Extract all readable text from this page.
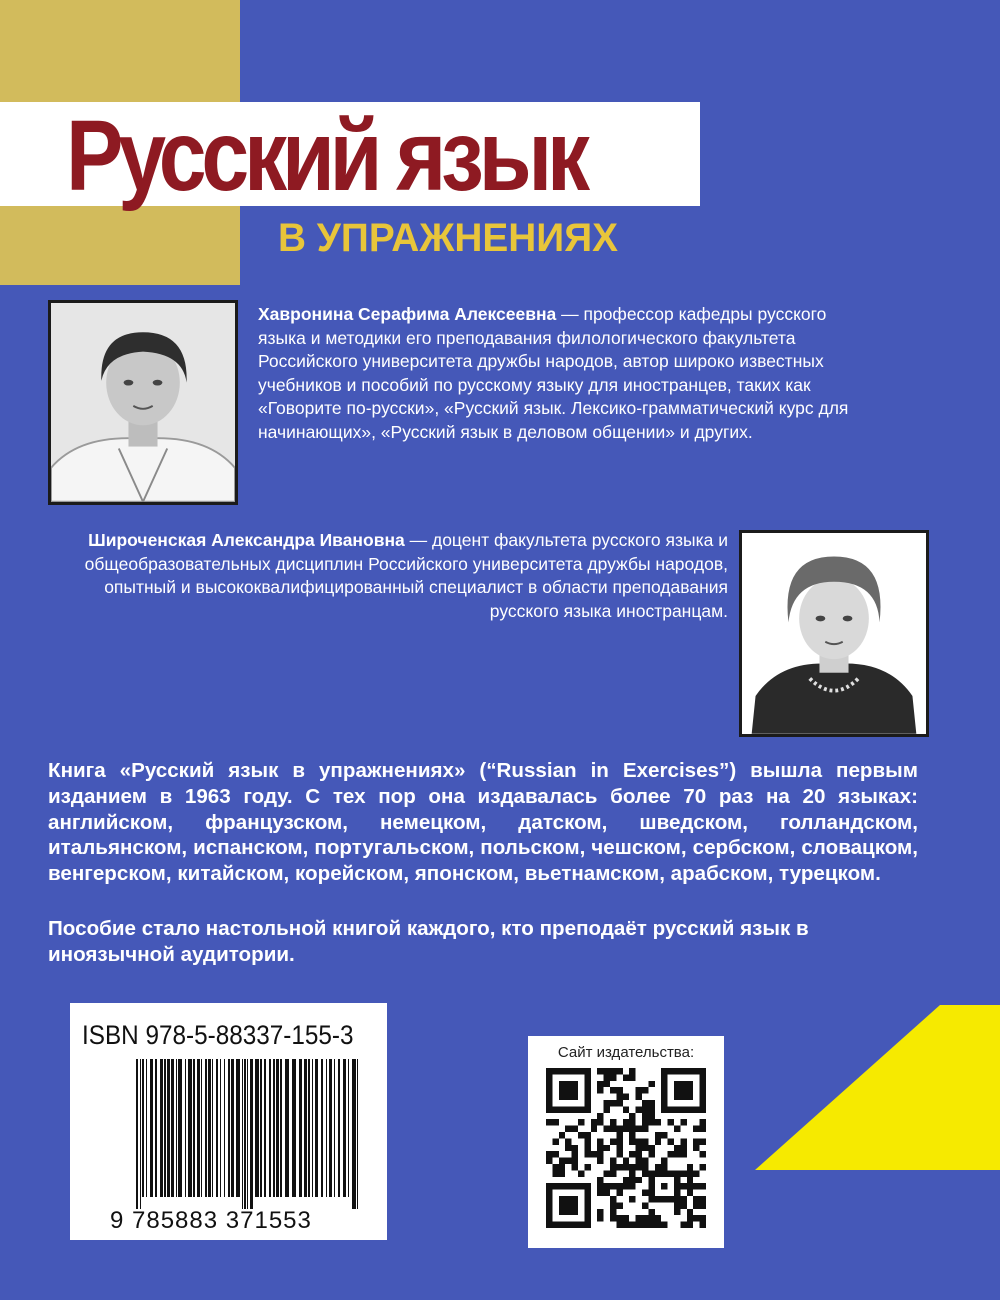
Русский язык

В УПРАЖНЕНИЯХ

Хавронина Серафима Алексеевна — профессор кафедры русского языка и методики его преподавания филологического факультета Российского университета дружбы народов, автор широко известных учебников и пособий по русскому языку для иностранцев, таких как «Говорите по-русски», «Русский язык. Лексико-грамматический курс для начинающих», «Русский язык в деловом общении» и других.

Широченская Александра Ивановна — доцент факультета русского языка и общеобразовательных дисциплин Российского университета дружбы народов, опытный и высококвалифицированный специалист в области преподавания русского языка иностранцам.

Книга «Русский язык в упражнениях» (“Russian in Exercises”) вышла первым изданием в 1963 году. С тех пор она издавалась более 70 раз на 20 языках: английском, французском, немецком, датском, шведском, голландском, итальянском, испанском, португальском, польском, чешском, сербском, словацком, венгерском, китайском, корейском, японском, вьетнамском, арабском, турецком.

Пособие стало настольной книгой каждого, кто преподаёт русский язык в иноязычной аудитории.

ISBN 978-5-88337-155-3

9 785883 371553

Сайт издательства:
